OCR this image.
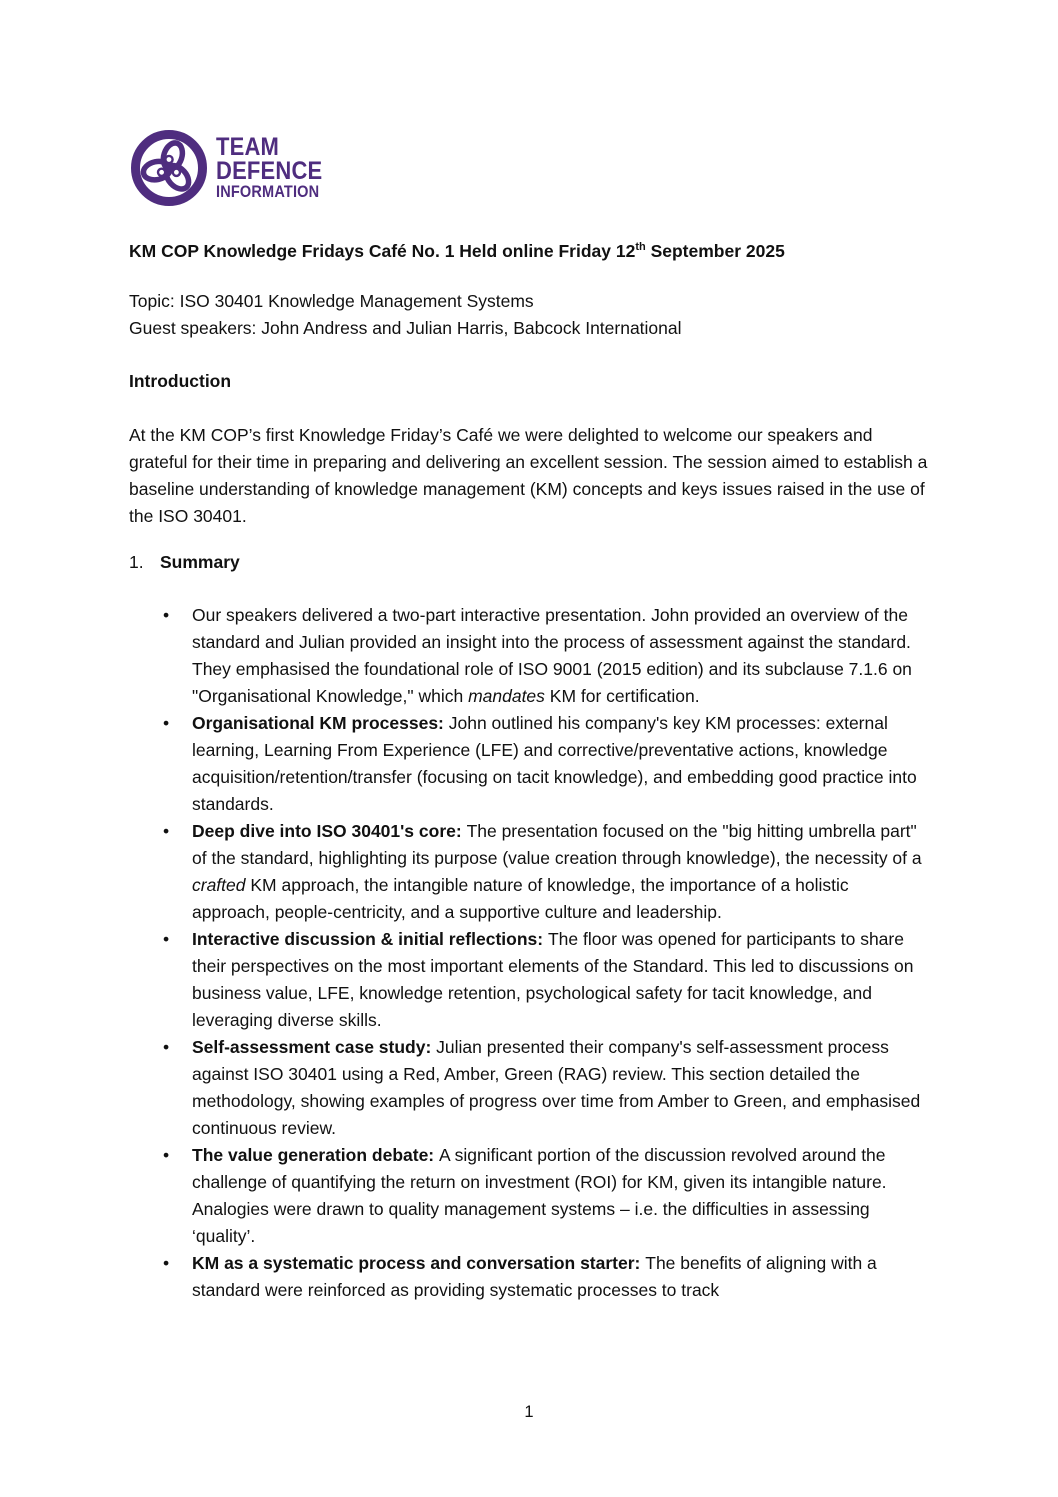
TEAM
DEFENCE
INFORMATION

KM COP Knowledge Fridays Café No. 1 Held online Friday 12th September 2025

Topic: ISO 30401 Knowledge Management Systems

Guest speakers: John Andress and Julian Harris, Babcock International

Introduction

At the KM COP’s first Knowledge Friday’s Café we were delighted to welcome our speakers and grateful for their time in preparing and delivering an excellent session. The session aimed to establish a baseline understanding of knowledge management (KM) concepts and keys issues raised in the use of the ISO 30401.

1. Summary
• Our speakers delivered a two-part interactive presentation. John provided an overview of the standard and Julian provided an insight into the process of assessment against the standard. They emphasised the foundational role of ISO 9001 (2015 edition) and its subclause 7.1.6 on "Organisational Knowledge," which mandates KM for certification.
• Organisational KM processes: John outlined his company's key KM processes: external learning, Learning From Experience (LFE) and corrective/preventative actions, knowledge acquisition/retention/transfer (focusing on tacit knowledge), and embedding good practice into standards.
• Deep dive into ISO 30401's core: The presentation focused on the "big hitting umbrella part" of the standard, highlighting its purpose (value creation through knowledge), the necessity of a crafted KM approach, the intangible nature of knowledge, the importance of a holistic approach, people-centricity, and a supportive culture and leadership.
• Interactive discussion & initial reflections: The floor was opened for participants to share their perspectives on the most important elements of the Standard. This led to discussions on business value, LFE, knowledge retention, psychological safety for tacit knowledge, and leveraging diverse skills.
• Self-assessment case study: Julian presented their company's self-assessment process against ISO 30401 using a Red, Amber, Green (RAG) review. This section detailed the methodology, showing examples of progress over time from Amber to Green, and emphasised continuous review.
• The value generation debate: A significant portion of the discussion revolved around the challenge of quantifying the return on investment (ROI) for KM, given its intangible nature. Analogies were drawn to quality management systems – i.e. the difficulties in assessing ‘quality’.
• KM as a systematic process and conversation starter: The benefits of aligning with a standard were reinforced as providing systematic processes to track
1
